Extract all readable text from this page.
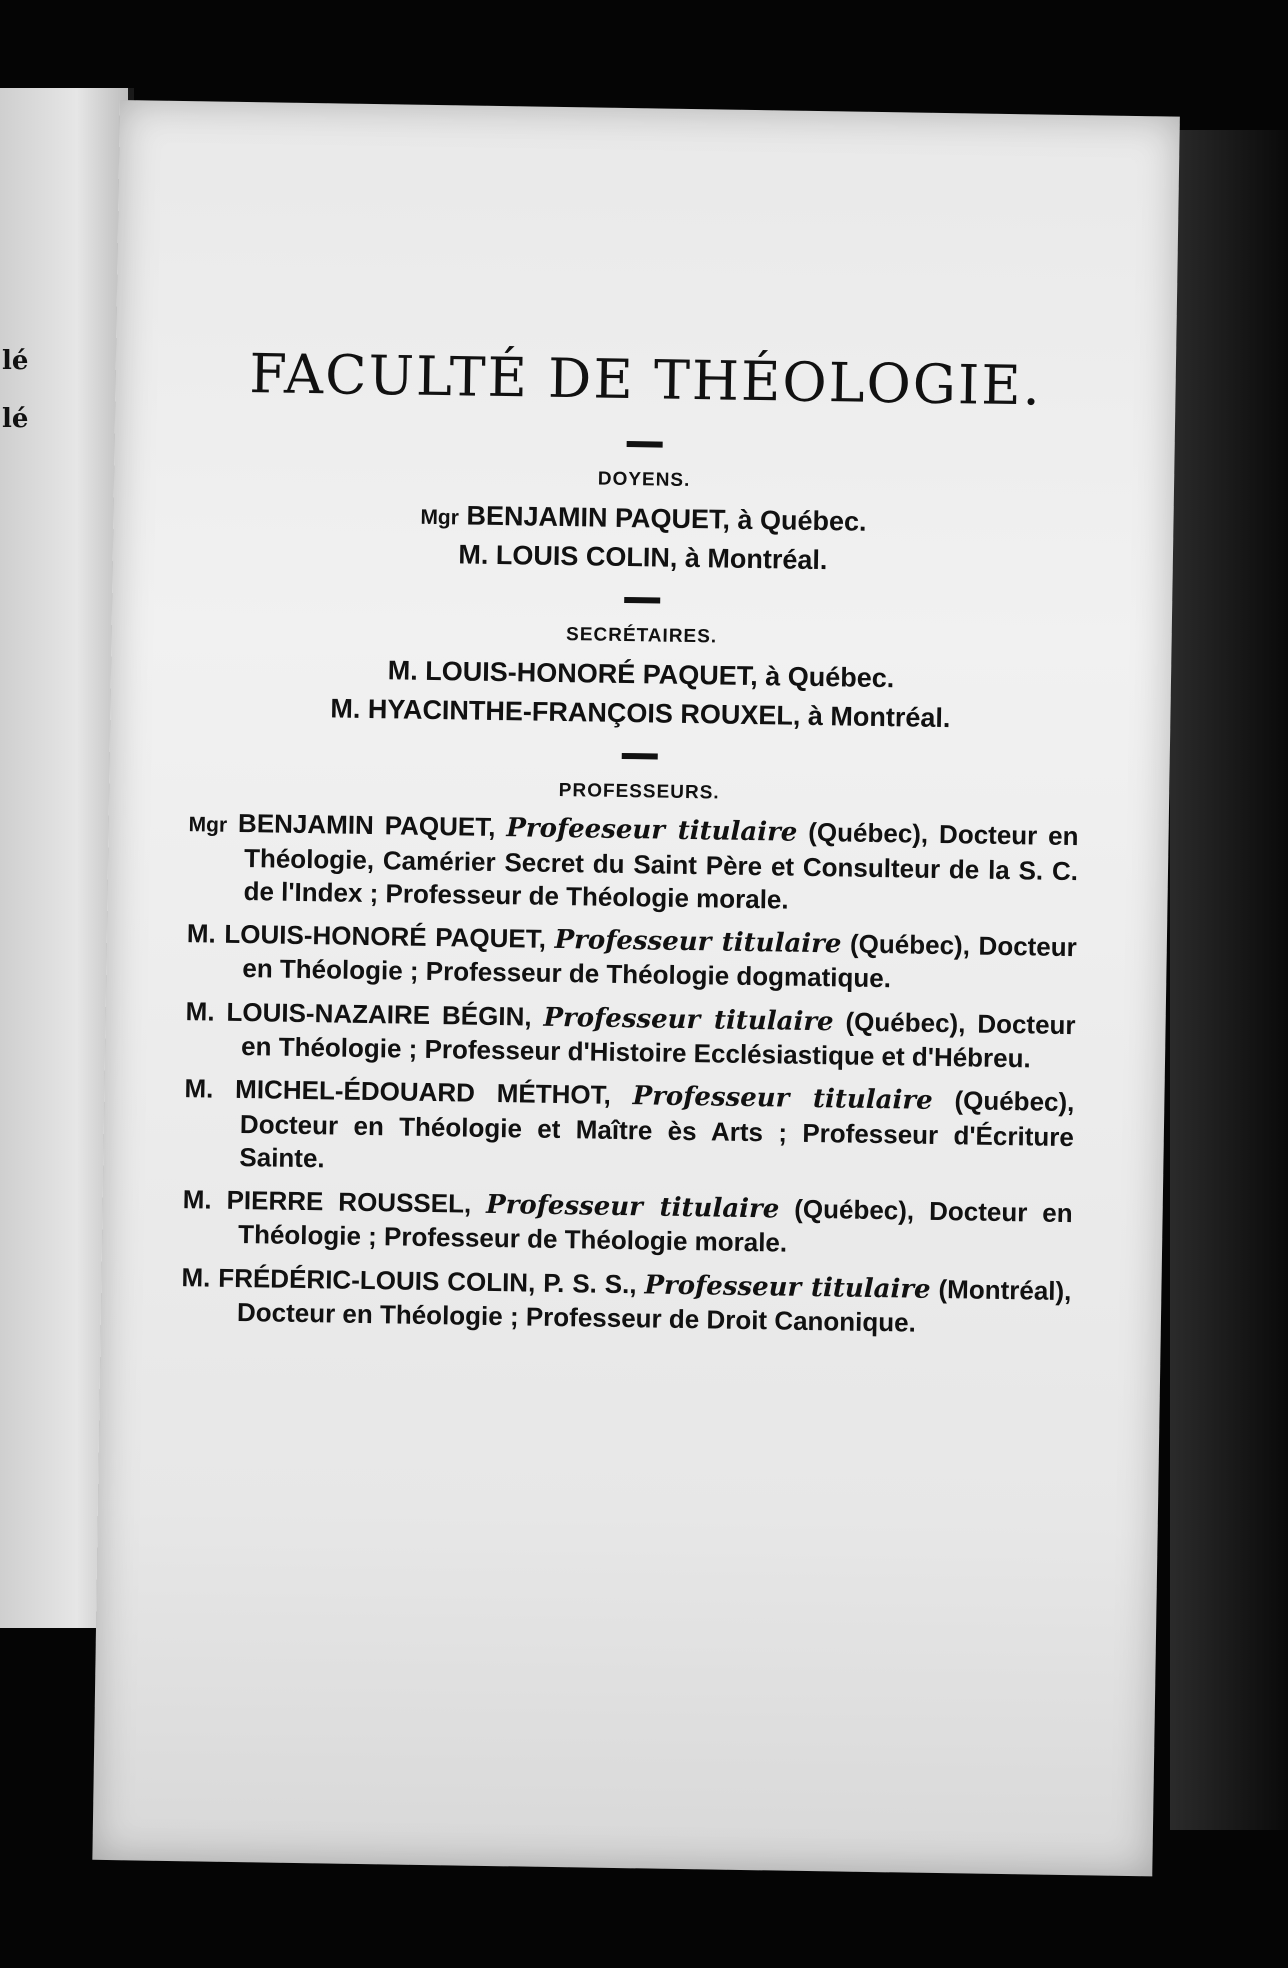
lé
lé
FACULTÉ DE THÉOLOGIE.
DOYENS.
Mgr BENJAMIN PAQUET, à Québec.
M. LOUIS COLIN, à Montréal.
SECRÉTAIRES.
M. LOUIS-HONORÉ PAQUET, à Québec.
M. HYACINTHE-FRANÇOIS ROUXEL, à Montréal.
PROFESSEURS.
Mgr BENJAMIN PAQUET, Profeeseur titulaire (Québec), Docteur en Théologie, Camérier Secret du Saint Père et Consulteur de la S. C. de l'Index ; Professeur de Théologie morale.
M. LOUIS-HONORÉ PAQUET, Professeur titulaire (Québec), Docteur en Théologie ; Professeur de Théologie dogmatique.
M. LOUIS-NAZAIRE BÉGIN, Professeur titulaire (Québec), Docteur en Théologie ; Professeur d'Histoire Ecclésiastique et d'Hébreu.
M. MICHEL-ÉDOUARD MÉTHOT, Professeur titulaire (Québec), Docteur en Théologie et Maître ès Arts ; Professeur d'Écriture Sainte.
M. PIERRE ROUSSEL, Professeur titulaire (Québec), Docteur en Théologie ; Professeur de Théologie morale.
M. FRÉDÉRIC-LOUIS COLIN, P. S. S., Professeur titulaire (Montréal), Docteur en Théologie ; Professeur de Droit Canonique.
